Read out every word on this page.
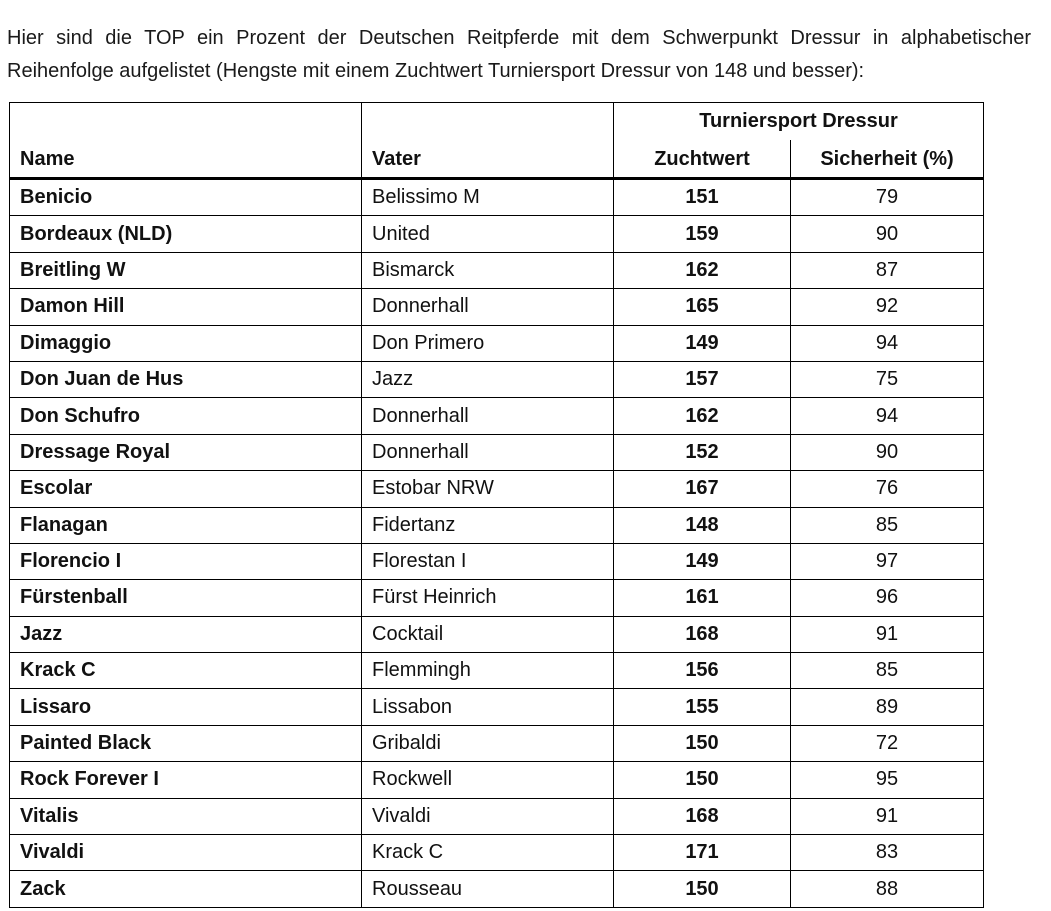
Hier sind die TOP ein Prozent der Deutschen Reitpferde mit dem Schwerpunkt Dressur in alphabetischer Reihenfolge aufgelistet (Hengste mit einem Zuchtwert Turniersport Dressur von 148 und besser):

Name	Vater	Turniersport Dressur	
		Zuchtwert	Sicherheit (%)
Benicio	Belissimo M	151	79
Bordeaux (NLD)	United	159	90
Breitling W	Bismarck	162	87
Damon Hill	Donnerhall	165	92
Dimaggio	Don Primero	149	94
Don Juan de Hus	Jazz	157	75
Don Schufro	Donnerhall	162	94
Dressage Royal	Donnerhall	152	90
Escolar	Estobar NRW	167	76
Flanagan	Fidertanz	148	85
Florencio I	Florestan I	149	97
Fürstenball	Fürst Heinrich	161	96
Jazz	Cocktail	168	91
Krack C	Flemmingh	156	85
Lissaro	Lissabon	155	89
Painted Black	Gribaldi	150	72
Rock Forever I	Rockwell	150	95
Vitalis	Vivaldi	168	91
Vivaldi	Krack C	171	83
Zack	Rousseau	150	88
